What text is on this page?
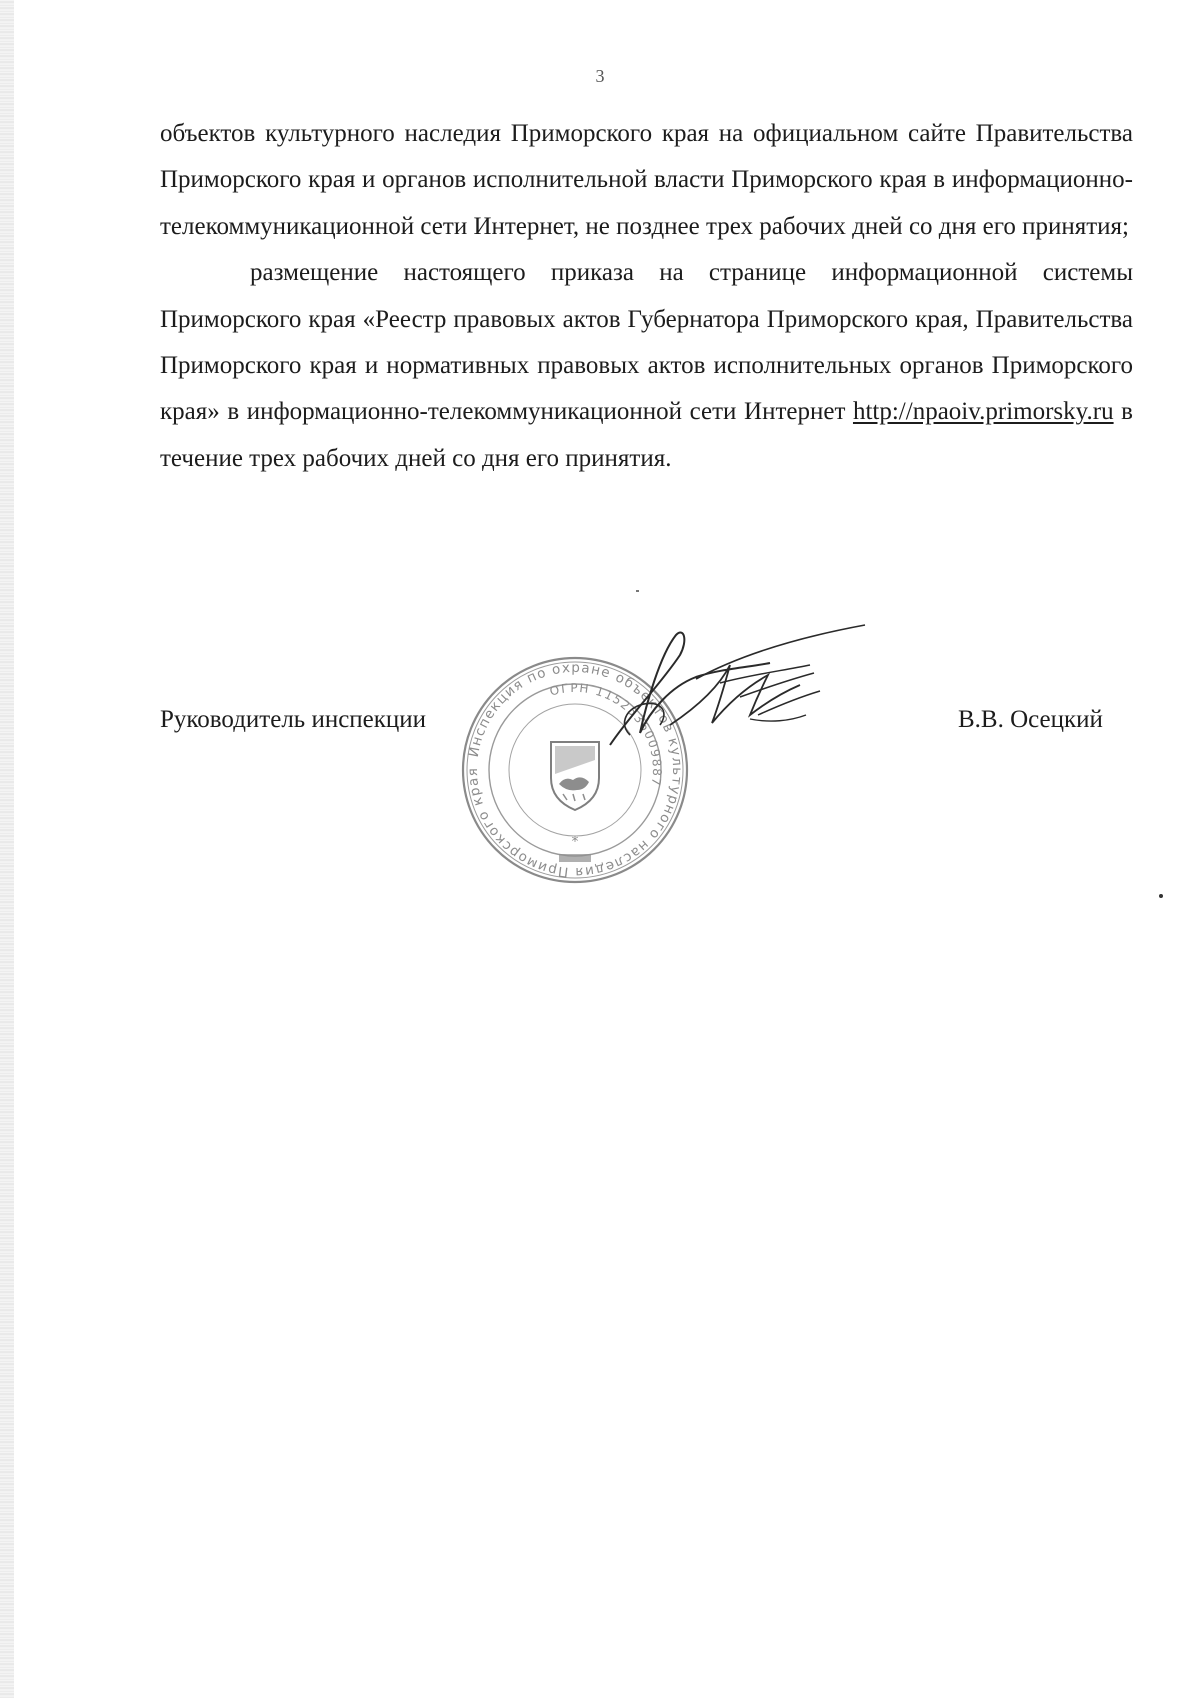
3

объектов культурного наследия Приморского края на официальном сайте Правительства Приморского края и органов исполнительной власти Приморского края в информационно-телекоммуникационной сети Интернет, не позднее трех рабочих дней со дня его принятия;

размещение настоящего приказа на странице информационной системы Приморского края «Реестр правовых актов Губернатора Приморского края, Правительства Приморского края и нормативных правовых актов исполнительных органов Приморского края» в информационно-телекоммуникационной сети Интернет http://npaoiv.primorsky.ru в течение трех рабочих дней со дня его принятия.

Руководитель инспекции	В.В. Осецкий
Инспекция по охране объектов культурного наследия Приморского края
ОГРН 1152536009887
*
